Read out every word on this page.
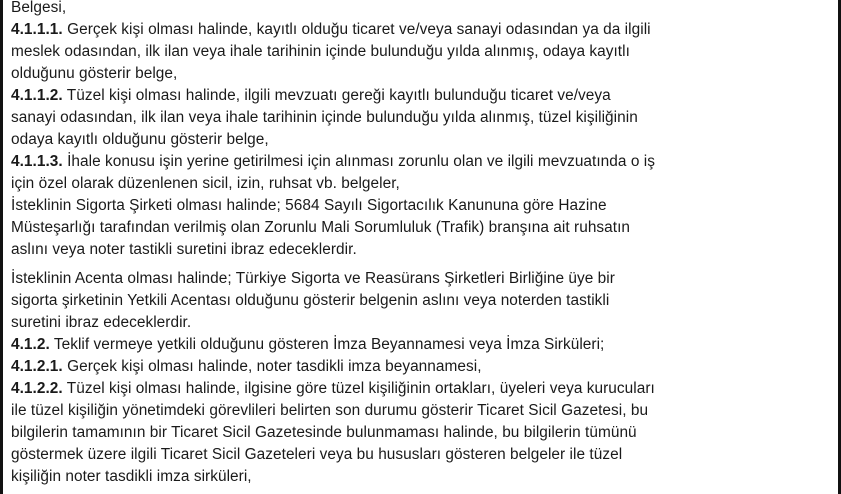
Belgesi,
4.1.1.1. Gerçek kişi olması halinde, kayıtlı olduğu ticaret ve/veya sanayi odasından ya da ilgili
meslek odasından, ilk ilan veya ihale tarihinin içinde bulunduğu yılda alınmış, odaya kayıtlı
olduğunu gösterir belge,
4.1.1.2. Tüzel kişi olması halinde, ilgili mevzuatı gereği kayıtlı bulunduğu ticaret ve/veya
sanayi odasından, ilk ilan veya ihale tarihinin içinde bulunduğu yılda alınmış, tüzel kişiliğinin
odaya kayıtlı olduğunu gösterir belge,
4.1.1.3. İhale konusu işin yerine getirilmesi için alınması zorunlu olan ve ilgili mevzuatında o iş
için özel olarak düzenlenen sicil, izin, ruhsat vb. belgeler,
İsteklinin Sigorta Şirketi olması halinde; 5684 Sayılı Sigortacılık Kanununa göre Hazine
Müsteşarlığı tarafından verilmiş olan Zorunlu Mali Sorumluluk (Trafik) branşına ait ruhsatın
aslını veya noter tastikli suretini ibraz edeceklerdir.
İsteklinin Acenta olması halinde; Türkiye Sigorta ve Reasürans Şirketleri Birliğine üye bir
sigorta şirketinin Yetkili Acentası olduğunu gösterir belgenin aslını veya noterden tastikli
suretini ibraz edeceklerdir.
4.1.2. Teklif vermeye yetkili olduğunu gösteren İmza Beyannamesi veya İmza Sirküleri;
4.1.2.1. Gerçek kişi olması halinde, noter tasdikli imza beyannamesi,
4.1.2.2. Tüzel kişi olması halinde, ilgisine göre tüzel kişiliğinin ortakları, üyeleri veya kurucuları
ile tüzel kişiliğin yönetimdeki görevlileri belirten son durumu gösterir Ticaret Sicil Gazetesi, bu
bilgilerin tamamının bir Ticaret Sicil Gazetesinde bulunmaması halinde, bu bilgilerin tümünü
göstermek üzere ilgili Ticaret Sicil Gazeteleri veya bu hususları gösteren belgeler ile tüzel
kişiliğin noter tasdikli imza sirküleri,
